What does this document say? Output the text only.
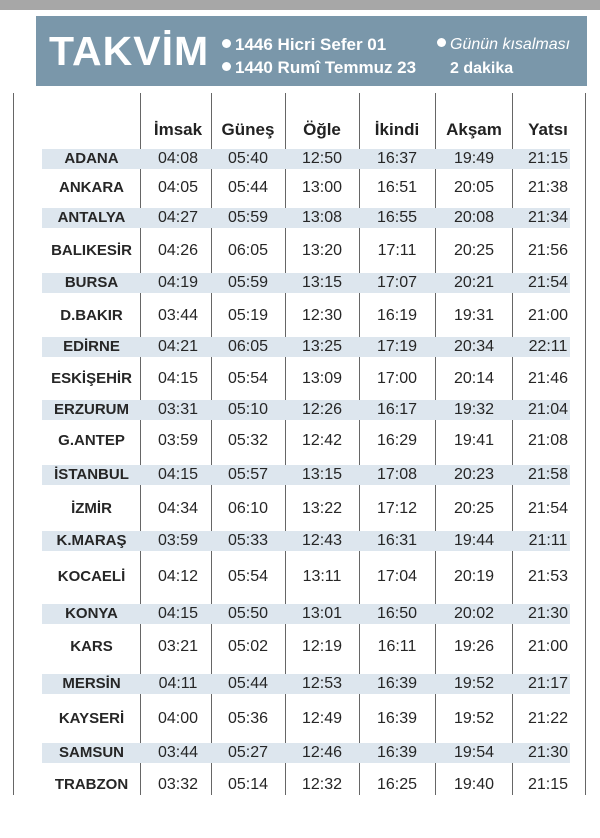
TAKVİM	1446 Hicri Sefer 01
1440 Rumî Temmuz 23
Günün kısalması
2 dakika
İmsak	Güneş	Öğle	İkindi	Akşam	Yatsı
ADANA	04:08	05:40	12:50	16:37	19:49	21:15
ANKARA	04:05	05:44	13:00	16:51	20:05	21:38
ANTALYA	04:27	05:59	13:08	16:55	20:08	21:34
BALIKESİR	04:26	06:05	13:20	17:11	20:25	21:56
BURSA	04:19	05:59	13:15	17:07	20:21	21:54
D.BAKIR	03:44	05:19	12:30	16:19	19:31	21:00
EDİRNE	04:21	06:05	13:25	17:19	20:34	22:11
ESKİŞEHİR	04:15	05:54	13:09	17:00	20:14	21:46
ERZURUM	03:31	05:10	12:26	16:17	19:32	21:04
G.ANTEP	03:59	05:32	12:42	16:29	19:41	21:08
İSTANBUL	04:15	05:57	13:15	17:08	20:23	21:58
İZMİR	04:34	06:10	13:22	17:12	20:25	21:54
K.MARAŞ	03:59	05:33	12:43	16:31	19:44	21:11
KOCAELİ	04:12	05:54	13:11	17:04	20:19	21:53
KONYA	04:15	05:50	13:01	16:50	20:02	21:30
KARS	03:21	05:02	12:19	16:11	19:26	21:00
MERSİN	04:11	05:44	12:53	16:39	19:52	21:17
KAYSERİ	04:00	05:36	12:49	16:39	19:52	21:22
SAMSUN	03:44	05:27	12:46	16:39	19:54	21:30
TRABZON	03:32	05:14	12:32	16:25	19:40	21:15
